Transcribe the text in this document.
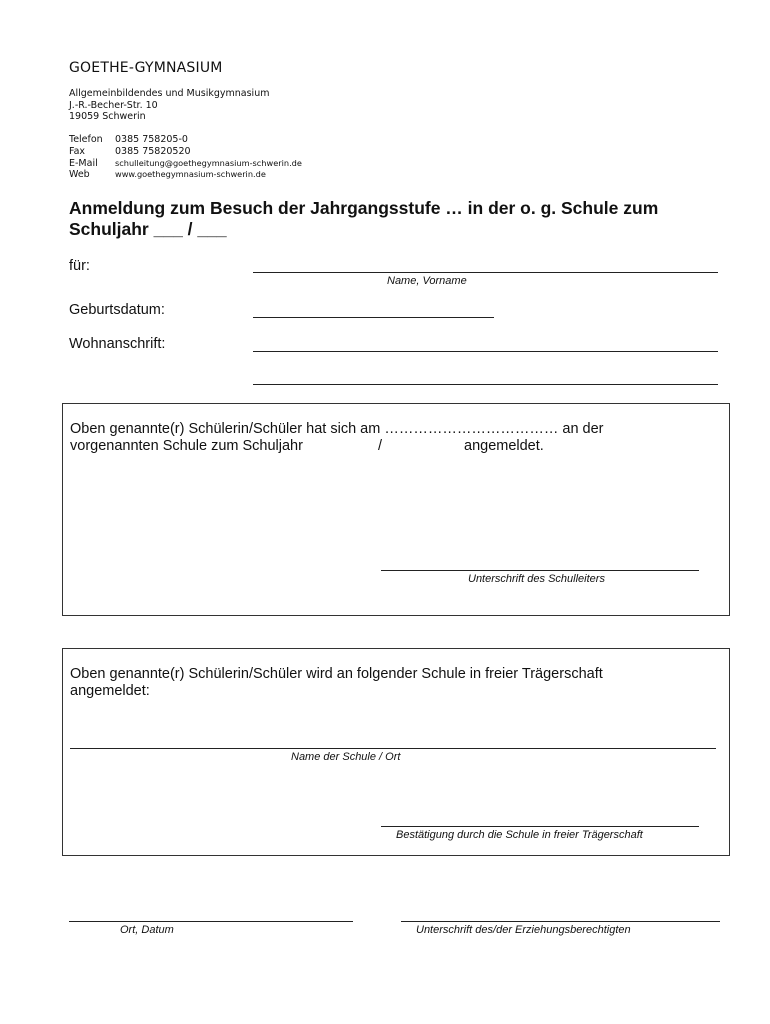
GOETHE-GYMNASIUM
Allgemeinbildendes und Musikgymnasium
J.-R.-Becher-Str. 10
19059 Schwerin
Telefon	0385 758205-0
Fax	0385 75820520
E-Mail	schulleitung@goethegymnasium-schwerin.de
Web	www.goethegymnasium-schwerin.de
Anmeldung zum Besuch der Jahrgangsstufe … in der o. g. Schule zum
Schuljahr ___ / ___
für:
Name, Vorname
Geburtsdatum:
Wohnanschrift:
Oben genannte(r) Schülerin/Schüler hat sich am ……………………………… an der
vorgenannten Schule zum Schuljahr	/	angemeldet.
Unterschrift des Schulleiters
Oben genannte(r) Schülerin/Schüler wird an folgender Schule in freier Trägerschaft
angemeldet:
Name der Schule / Ort
Bestätigung durch die Schule in freier Trägerschaft
Ort, Datum	Unterschrift des/der Erziehungsberechtigten
